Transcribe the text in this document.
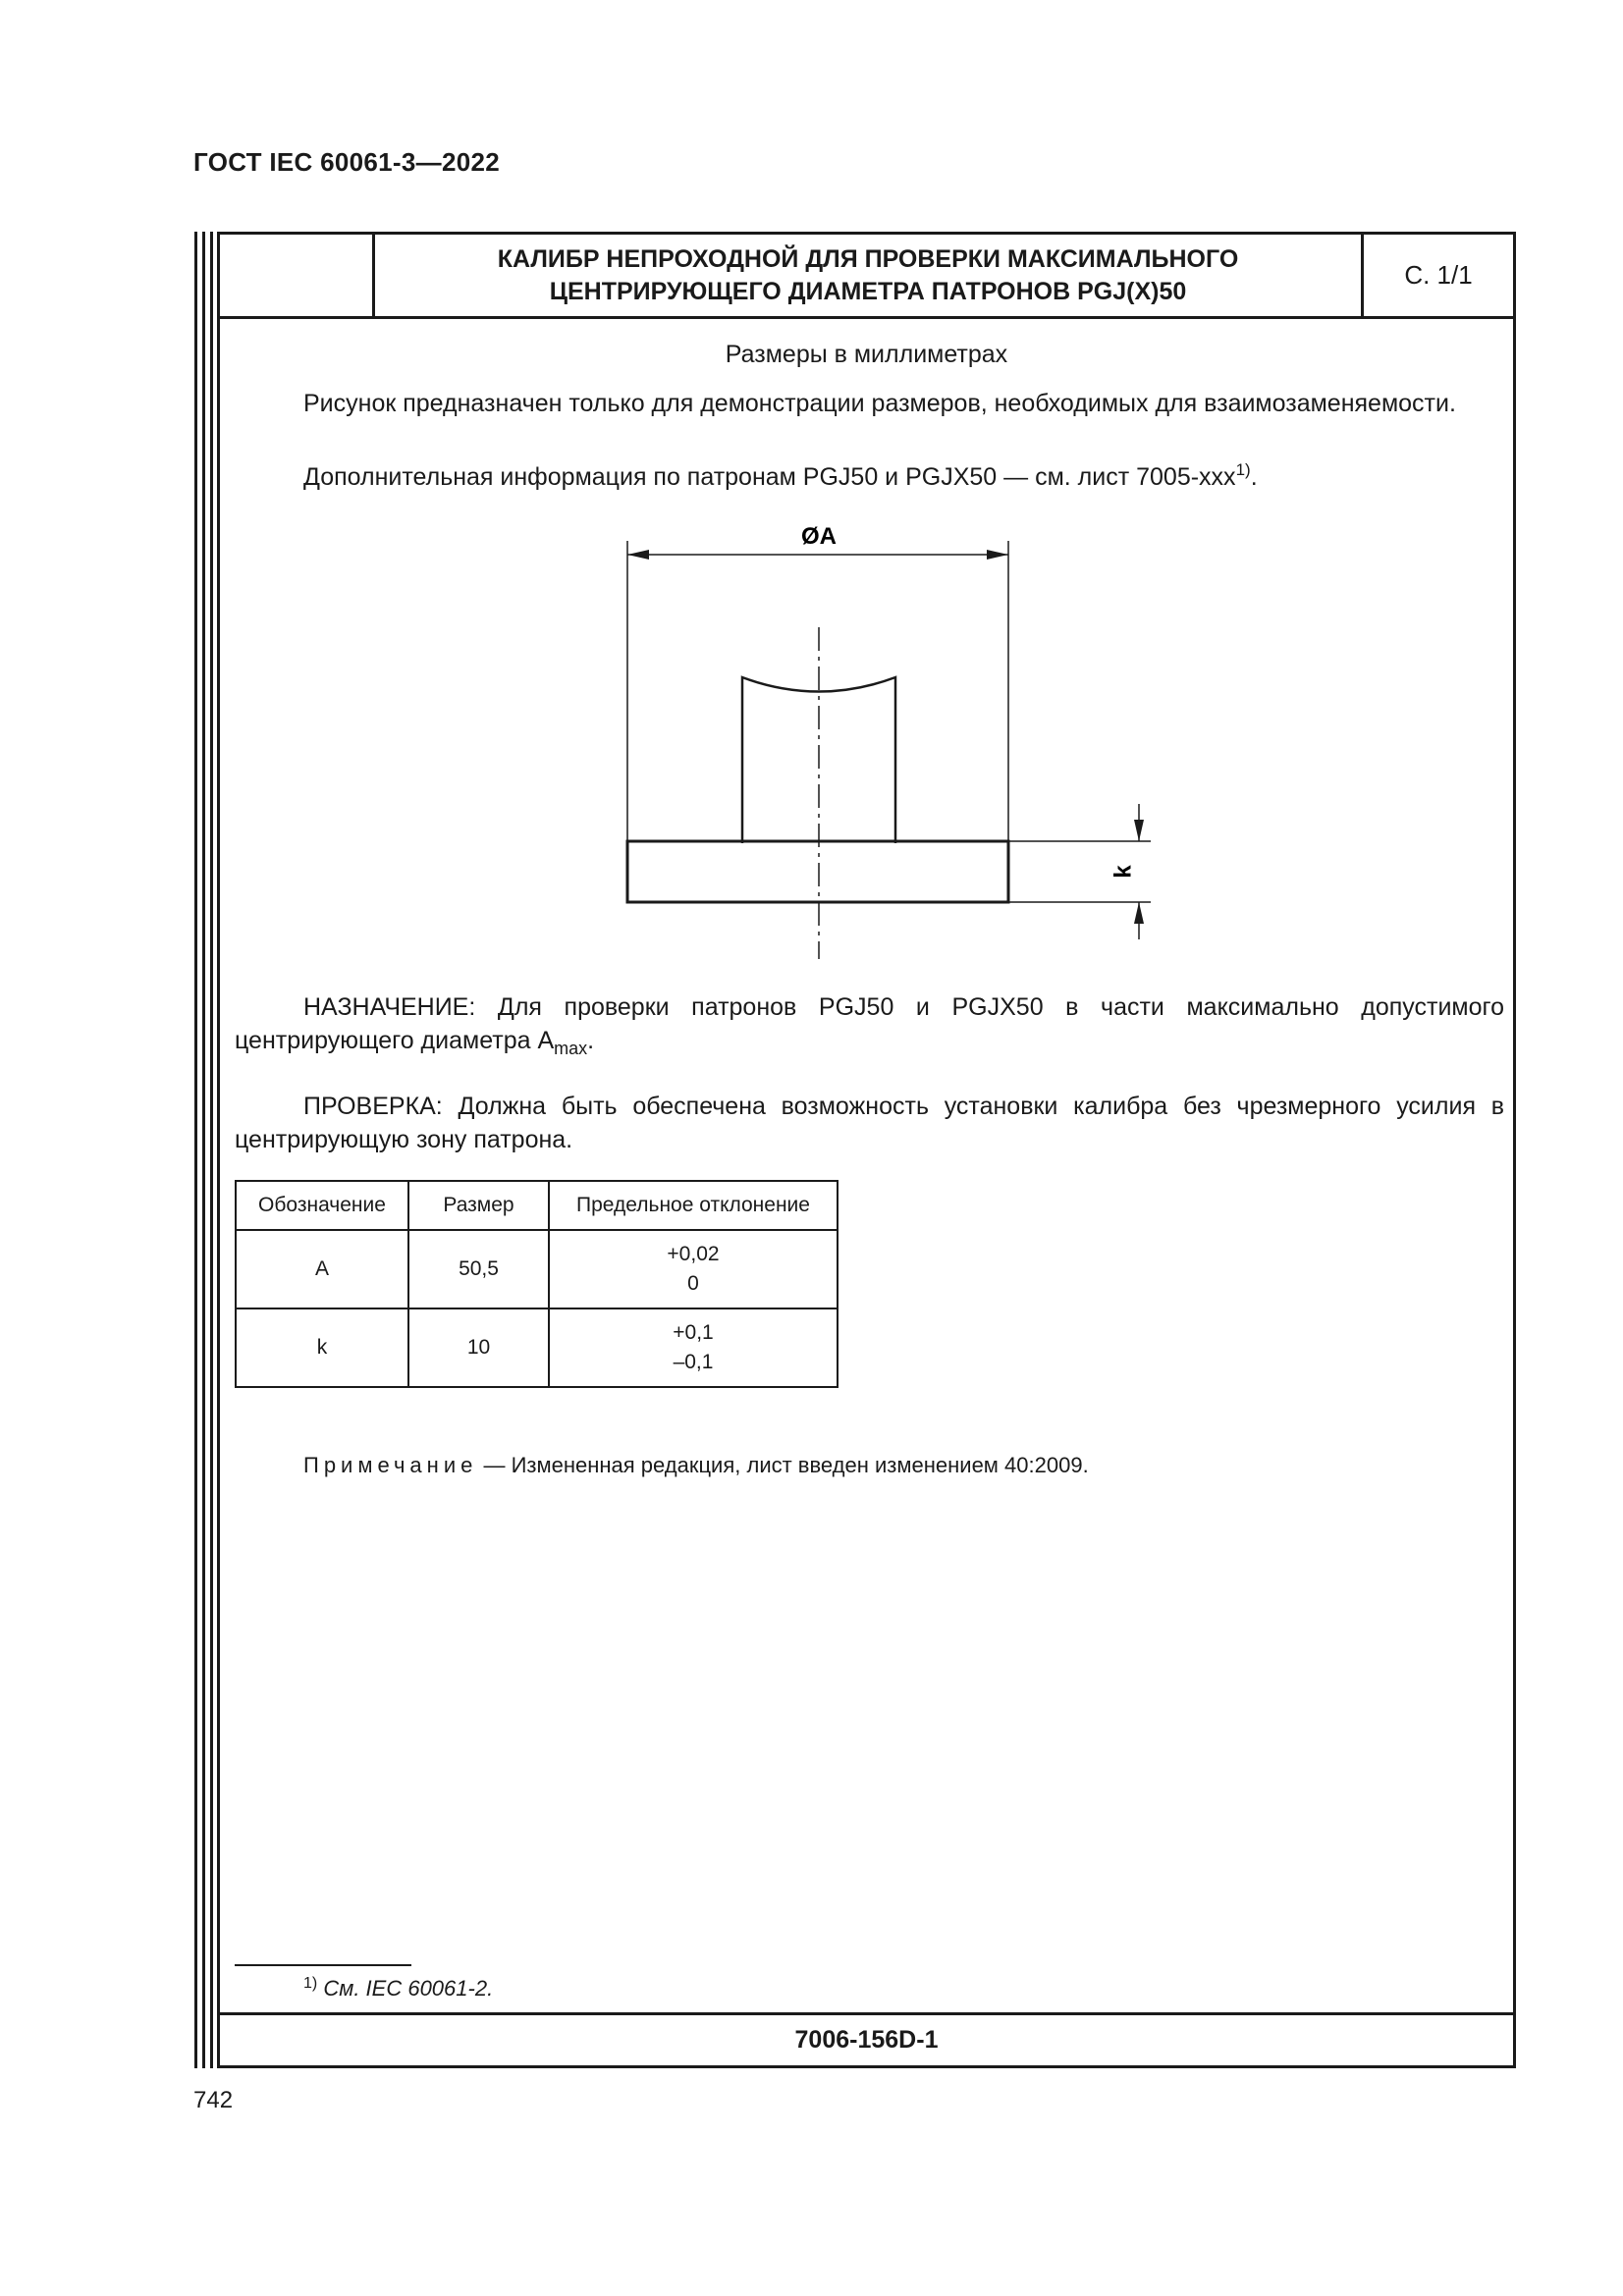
ГОСТ IEC 60061-3—2022
КАЛИБР НЕПРОХОДНОЙ ДЛЯ ПРОВЕРКИ МАКСИМАЛЬНОГО
ЦЕНТРИРУЮЩЕГО ДИАМЕТРА ПАТРОНОВ PGJ(X)50
С. 1/1
Размеры в миллиметрах
Рисунок предназначен только для демонстрации размеров, необходимых для взаимозаменяемости.
Дополнительная информация по патронам PGJ50 и PGJX50 — см. лист 7005-xxx$^{1)}$.
ØA
k
НАЗНАЧЕНИЕ: Для проверки патронов PGJ50 и PGJX50 в части максимально допустимого центрирующего диаметра $A_{max}$.
ПРОВЕРКА: Должна быть обеспечена возможность установки калибра без чрезмерного усилия в центрирующую зону патрона.
Обозначение	Размер	Предельное отклонение
A	50,5	+0,02
0

k	10	+0,1
–0,1
Примечание — Измененная редакция, лист введен изменением 40:2009.
$^{1)}$ См. IEC 60061-2.
7006-156D-1
742
